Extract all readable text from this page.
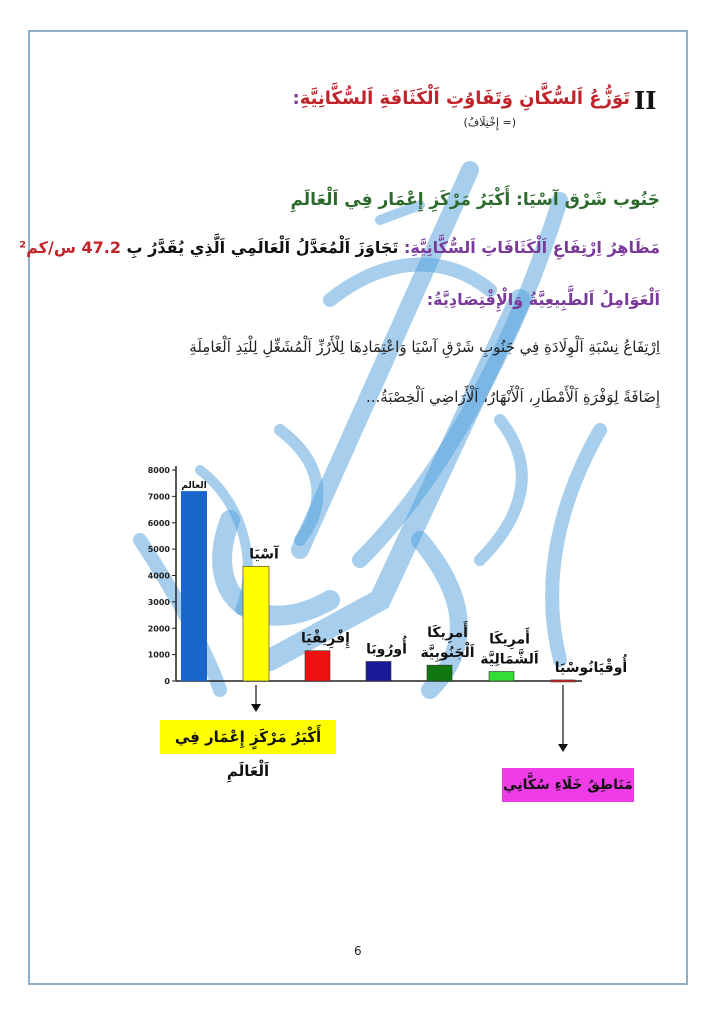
II
تَوَزُّعُ اَلسُّكَّانِ وَتَفَاوُتِ اَلْكَثَافَةِ اَلسُّكَّانِيَّةِ:
(= إِخْتِلَافُ)
جَنُوب شَرْق آسْيَا: أَكْبَرُ مَرْكَزِ إِعْمَار فِي اَلْعَالَمِ
مَظَاهِرُ اِرْتِفَاعِ اَلْكَثَافَاتِ اَلسُّكَّانِيَّةِ: تَجَاوَزَ اَلْمُعَدَّلُ اَلْعَالَمِي اَلَّذِي يُقَدَّرُ بِ 47.2 س/كم²
اَلْعَوَامِلُ اَلطَّبِيعِيَّةُ وَالْإِقْتِصَادِيَّةُ:
اِرْتِفَاعُ نِسْبَةِ اَلْوِلَادَةِ فِي جَنُوبِ شَرْقِ آسْيَا وَاعْتِمَادِهَا لِلْأَرُزِّ اَلْمُشَغِّلِ لِلْيَدِ اَلْعَامِلَةِ
إِضَافَةً لِوَفْرَةِ اَلْأَمْطَارِ، اَلْأَنْهَارُ، اَلْأَرَاضِي اَلْخِصْبَةُ...
0
1000
2000
3000
4000
5000
6000
7000
8000
العالم
آسْيَا
إِفْرِيقْيَا
أُورُوبَا
أَمرِيكَا
اَلْجَنُوبِيَّة
أَمرِيكَا
اَلشَّمَالِيَّة
أُوقْيَانُوسْيَا
أَكْبَرُ مَرْكَزٍ إِعْمَار فِي اَلْعَالَمِ
مَنَاطِقُ خَلَاءِ سُكَّانِي
6
